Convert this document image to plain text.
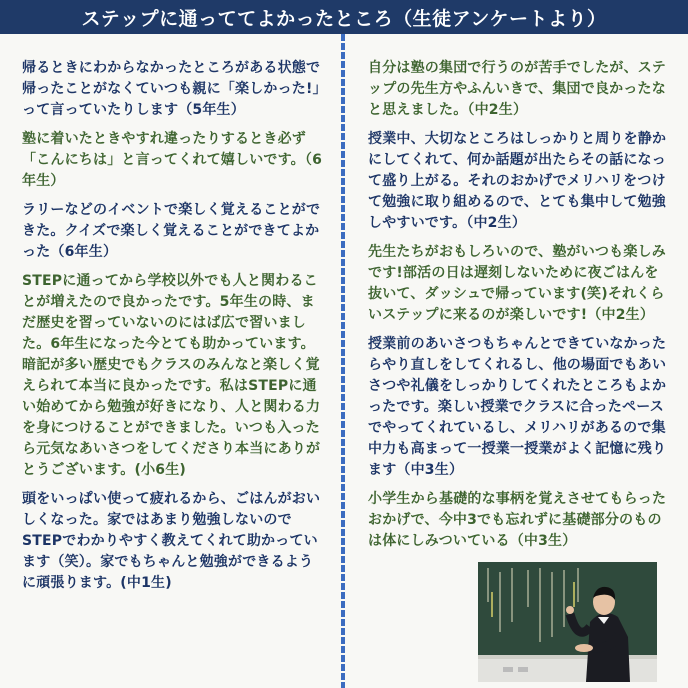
ステップに通っててよかったところ（生徒アンケートより）

帰るときにわからなかったところがある状態で帰ったことがなくていつも親に「楽しかった!」って言っていたりします（5年生）

塾に着いたときやすれ違ったりするとき必ず「こんにちは」と言ってくれて嬉しいです。（6年生）

ラリーなどのイベントで楽しく覚えることができた。クイズで楽しく覚えることができてよかった（6年生）

STEPに通ってから学校以外でも人と関わることが増えたので良かったです。5年生の時、まだ歴史を習っていないのにはば広で習いました。6年生になった今とても助かっています。暗記が多い歴史でもクラスのみんなと楽しく覚えられて本当に良かったです。私はSTEPに通い始めてから勉強が好きになり、人と関わる力を身につけることができました。いつも入ったら元気なあいさつをしてくださり本当にありがとうございます。(小6生)

頭をいっぱい使って疲れるから、ごはんがおいしくなった。家ではあまり勉強しないのでSTEPでわかりやすく教えてくれて助かっています（笑）。家でもちゃんと勉強ができるように頑張ります。(中1生)

自分は塾の集団で行うのが苦手でしたが、ステップの先生方やふんいきで、集団で良かったなと思えました。（中2生）

授業中、大切なところはしっかりと周りを静かにしてくれて、何か話題が出たらその話になって盛り上がる。それのおかげでメリハリをつけて勉強に取り組めるので、とても集中して勉強しやすいです。（中2生）

先生たちがおもしろいので、塾がいつも楽しみです!部活の日は遅刻しないために夜ごはんを抜いて、ダッシュで帰っています(笑)それくらいステップに来るのが楽しいです!（中2生）

授業前のあいさつもちゃんとできていなかったらやり直しをしてくれるし、他の場面でもあいさつや礼儀をしっかりしてくれたところもよかったです。楽しい授業でクラスに合ったペースでやってくれているし、メリハリがあるので集中力も高まって一授業一授業がよく記憶に残ります（中3生）

小学生から基礎的な事柄を覚えさせてもらったおかげで、今中3でも忘れずに基礎部分のものは体にしみついている（中3生）
